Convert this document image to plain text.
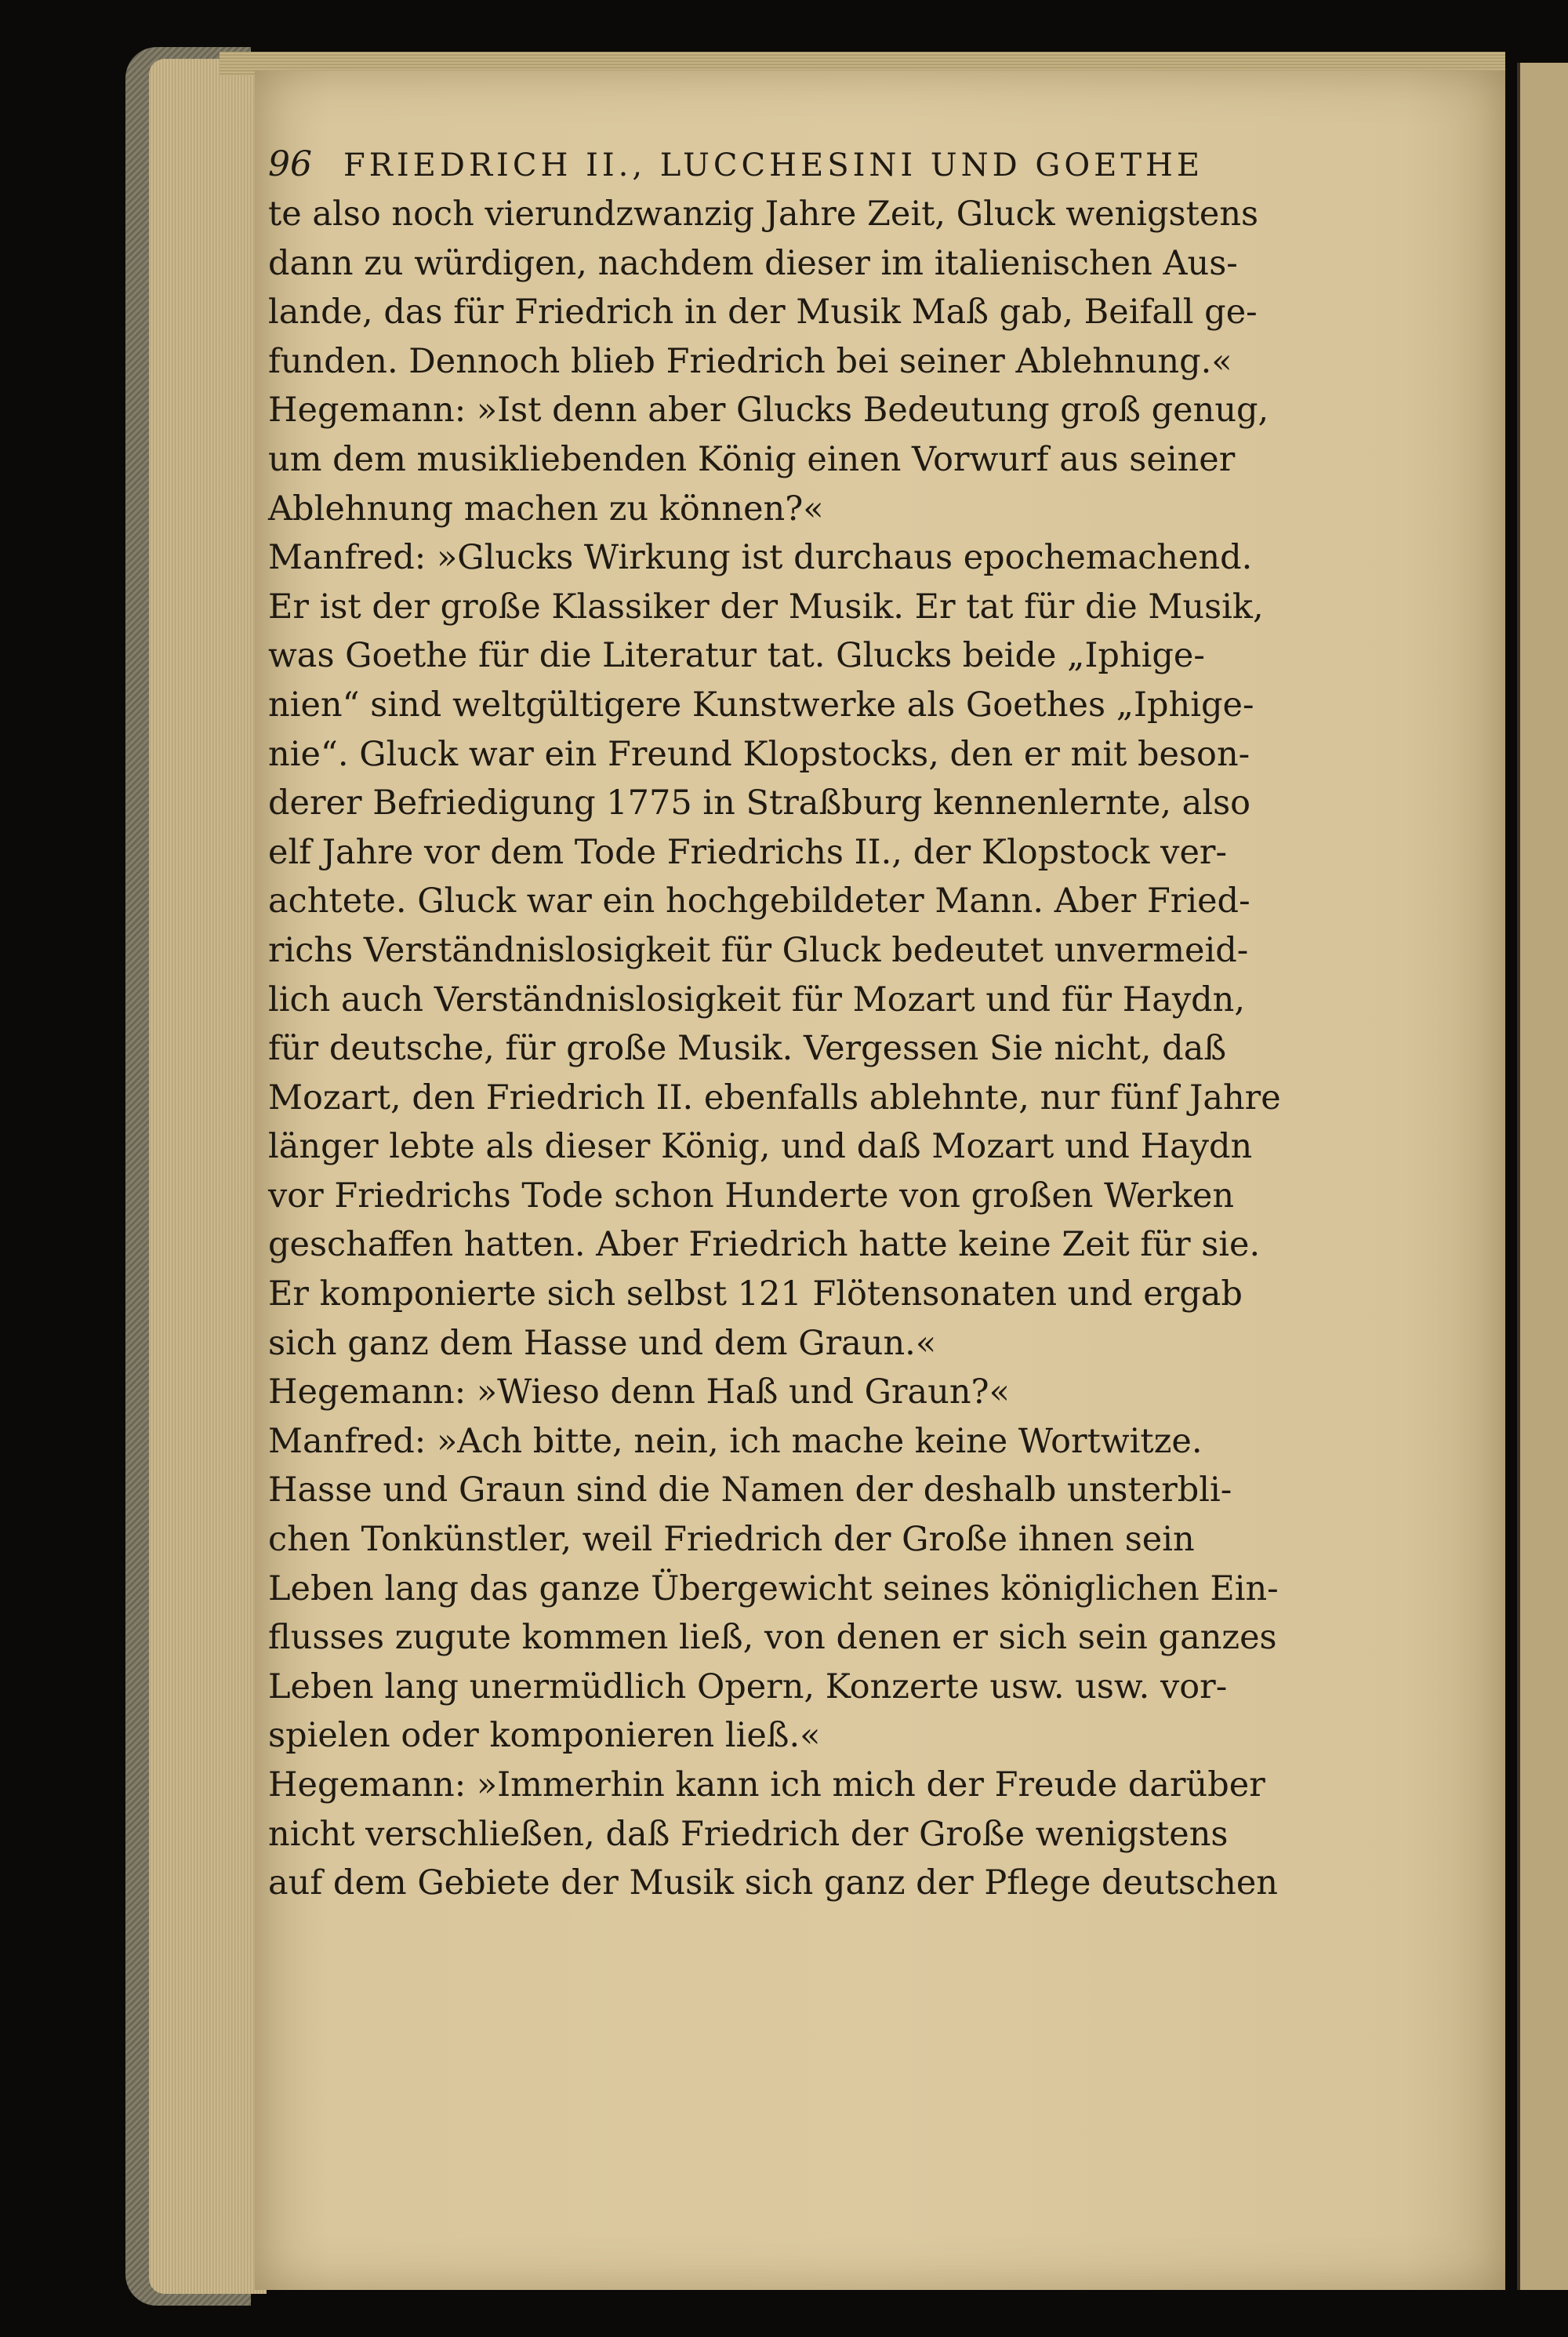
96 FRIEDRICH II., LUCCHESINI UND GOETHE
te also noch vierundzwanzig Jahre Zeit, Gluck wenigstens
dann zu würdigen, nachdem dieser im italienischen Aus-
lande, das für Friedrich in der Musik Maß gab, Beifall ge-
funden. Dennoch blieb Friedrich bei seiner Ablehnung.«
Hegemann: »Ist denn aber Glucks Bedeutung groß genug,
um dem musikliebenden König einen Vorwurf aus seiner
Ablehnung machen zu können?«
Manfred: »Glucks Wirkung ist durchaus epochemachend.
Er ist der große Klassiker der Musik. Er tat für die Musik,
was Goethe für die Literatur tat. Glucks beide „Iphige-
nien“ sind weltgültigere Kunstwerke als Goethes „Iphige-
nie“. Gluck war ein Freund Klopstocks, den er mit beson-
derer Befriedigung 1775 in Straßburg kennenlernte, also
elf Jahre vor dem Tode Friedrichs II., der Klopstock ver-
achtete. Gluck war ein hochgebildeter Mann. Aber Fried-
richs Verständnislosigkeit für Gluck bedeutet unvermeid-
lich auch Verständnislosigkeit für Mozart und für Haydn,
für deutsche, für große Musik. Vergessen Sie nicht, daß
Mozart, den Friedrich II. ebenfalls ablehnte, nur fünf Jahre
länger lebte als dieser König, und daß Mozart und Haydn
vor Friedrichs Tode schon Hunderte von großen Werken
geschaffen hatten. Aber Friedrich hatte keine Zeit für sie.
Er komponierte sich selbst 121 Flötensonaten und ergab
sich ganz dem Hasse und dem Graun.«
Hegemann: »Wieso denn Haß und Graun?«
Manfred: »Ach bitte, nein, ich mache keine Wortwitze.
Hasse und Graun sind die Namen der deshalb unsterbli-
chen Tonkünstler, weil Friedrich der Große ihnen sein
Leben lang das ganze Übergewicht seines königlichen Ein-
flusses zugute kommen ließ, von denen er sich sein ganzes
Leben lang unermüdlich Opern, Konzerte usw. usw. vor-
spielen oder komponieren ließ.«
Hegemann: »Immerhin kann ich mich der Freude darüber
nicht verschließen, daß Friedrich der Große wenigstens
auf dem Gebiete der Musik sich ganz der Pflege deutschen
